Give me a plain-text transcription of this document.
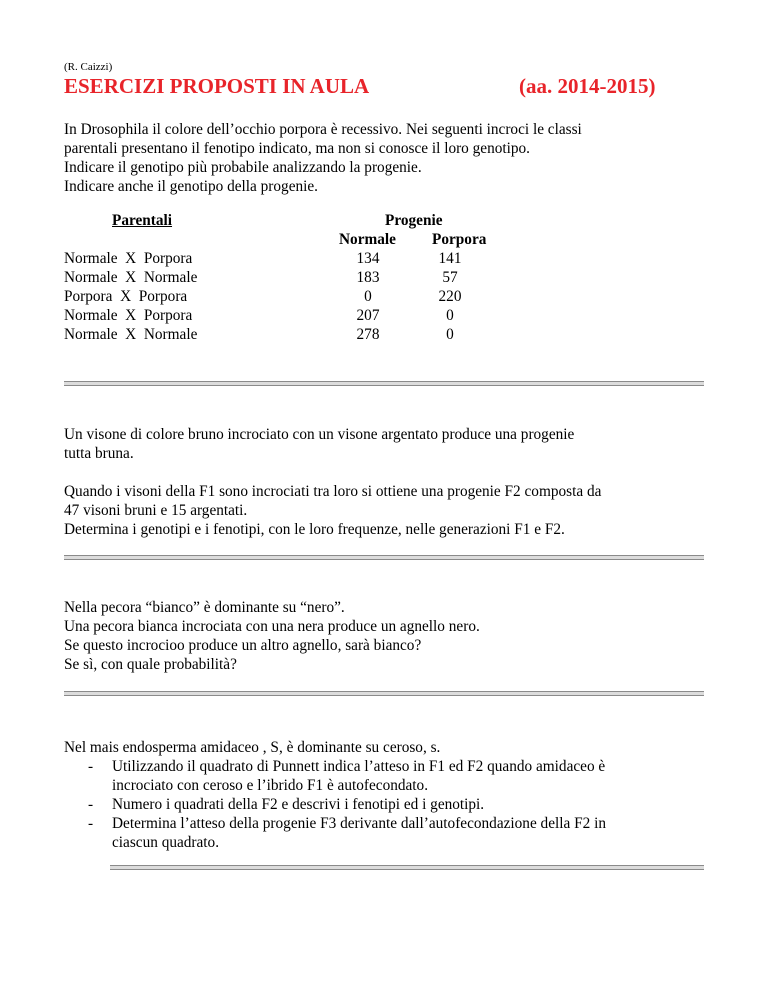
(R. Caizzi)
ESERCIZI PROPOSTI IN AULA	(aa. 2014-2015)
In Drosophila il colore dell’occhio porpora è recessivo. Nei seguenti incroci le classi
parentali presentano il fenotipo indicato, ma non si conosce il loro genotipo.
Indicare il genotipo più probabile analizzando la progenie.
Indicare anche il genotipo della progenie.
Parentali	Progenie
Normale Porpora
Normale  X  Porpora
Normale  X  Normale
Porpora  X  Porpora
Normale  X  Porpora
Normale  X  Normale
134
183
0
207
278
141
57
220
0
0
Un visone di colore bruno incrociato con un visone argentato produce una progenie
tutta bruna.
Quando i visoni della F1 sono incrociati tra loro si ottiene una progenie F2 composta da
47 visoni bruni e 15 argentati.
Determina i genotipi e i fenotipi, con le loro frequenze, nelle generazioni F1 e F2.
Nella pecora “bianco” è dominante su “nero”.
Una pecora bianca incrociata con una nera produce un agnello nero.
Se questo incrocioo produce un altro agnello, sarà bianco?
Se sì, con quale probabilità?
Nel mais endosperma amidaceo , S, è dominante su ceroso, s.
- Utilizzando il quadrato di Punnett indica l’atteso in F1 ed F2 quando amidaceo è
incrociato con ceroso e l’ibrido F1 è autofecondato.
- Numero i quadrati della F2 e descrivi i fenotipi ed i genotipi.
- Determina l’atteso della progenie F3 derivante dall’autofecondazione della F2 in
ciascun quadrato.
